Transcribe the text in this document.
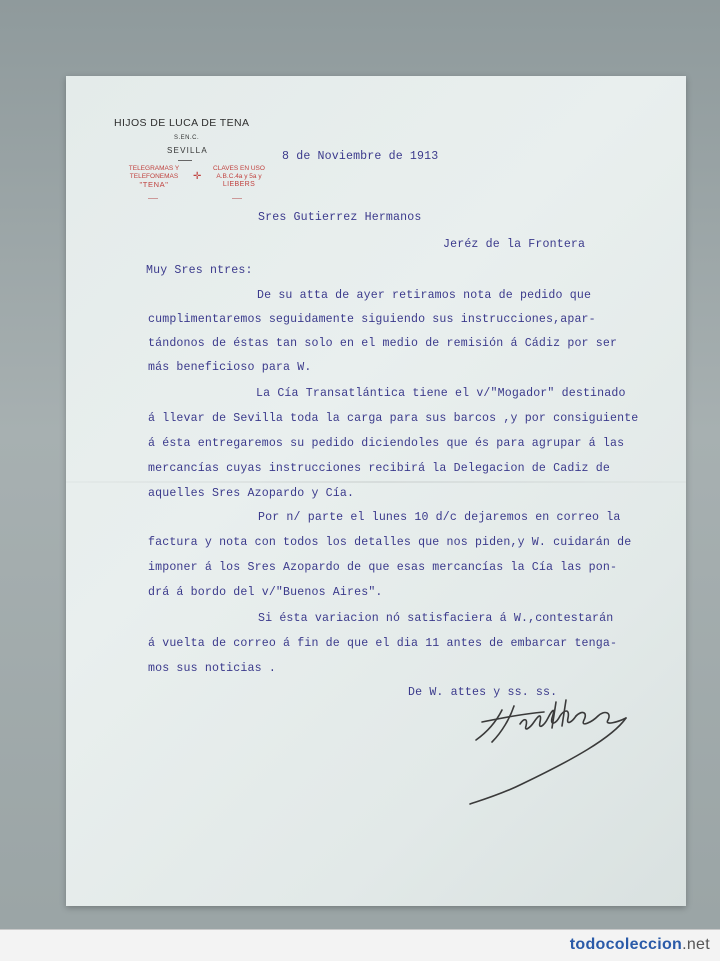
HIJOS DE LUCA DE TENA
S.EN.C.
SEVILLA
TELEGRAMAS Y
TELEFONEMAS
"TENA"
✛
CLAVES EN USO
A.B.C.4a y 5a y
LIEBERS
8 de Noviembre de 1913
Sres Gutierrez Hermanos
Jeréz de la Frontera
Muy Sres ntres:
De su atta de ayer retiramos nota de pedido que
cumplimentaremos seguidamente siguiendo sus instrucciones,apar-
tándonos de éstas tan solo en el medio de remisión á Cádiz por ser
más beneficioso para W.
La Cía Transatlántica tiene el v/"Mogador" destinado
á llevar de Sevilla toda la carga para sus barcos ,y por consiguiente
á ésta entregaremos su pedido diciendoles que és para agrupar á las
mercancías cuyas instrucciones recibirá la Delegacion de Cadiz de
aquelles Sres Azopardo y Cía.
Por n/ parte el lunes 10 d/c dejaremos en correo la
factura y nota con todos los detalles que nos piden,y W. cuidarán de
imponer á los Sres Azopardo de que esas mercancías la Cía las pon-
drá á bordo del v/"Buenos Aires".
Si ésta variacion nó satisfaciera á W.,contestarán
á vuelta de correo á fin de que el dia 11 antes de embarcar tenga-
mos sus noticias .
De W. attes y ss. ss.
todocoleccion.net
